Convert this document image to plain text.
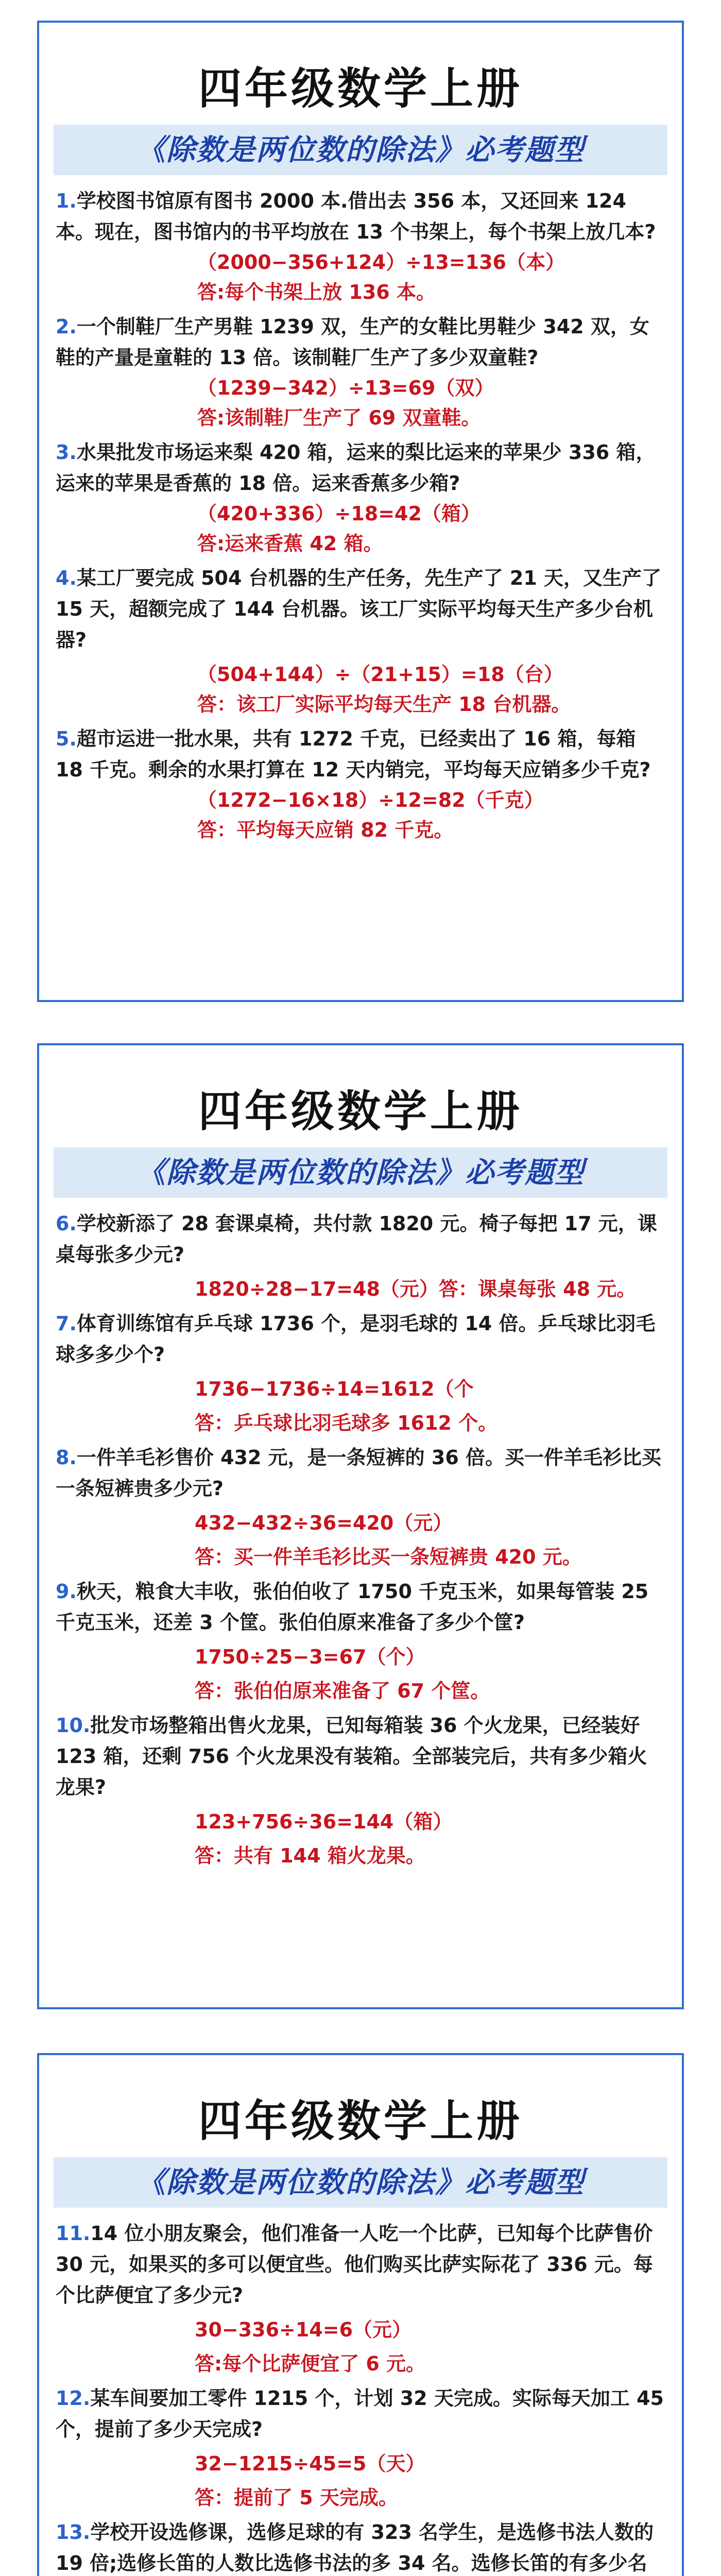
四年级数学上册
《除数是两位数的除法》必考题型
1.学校图书馆原有图书 2000 本.借出去 356 本，又还回来 124 本。现在，图书馆内的书平均放在 13 个书架上，每个书架上放几本?
（2000−356+124）÷13=136（本）
答:每个书架上放 136 本。
2.一个制鞋厂生产男鞋 1239 双，生产的女鞋比男鞋少 342 双，女鞋的产量是童鞋的 13 倍。该制鞋厂生产了多少双童鞋?
（1239−342）÷13=69（双）
答:该制鞋厂生产了 69 双童鞋。
3.水果批发市场运来梨 420 箱，运来的梨比运来的苹果少 336 箱，运来的苹果是香蕉的 18 倍。运来香蕉多少箱?
（420+336）÷18=42（箱）
答:运来香蕉 42 箱。
4.某工厂要完成 504 台机器的生产任务，先生产了 21 天，又生产了 15 天，超额完成了 144 台机器。该工厂实际平均每天生产多少台机器?
（504+144）÷（21+15）=18（台）
答：该工厂实际平均每天生产 18 台机器。
5.超市运进一批水果，共有 1272 千克，已经卖出了 16 箱，每箱 18 千克。剩余的水果打算在 12 天内销完，平均每天应销多少千克?
（1272−16×18）÷12=82（千克）
答：平均每天应销 82 千克。
四年级数学上册
《除数是两位数的除法》必考题型
6.学校新添了 28 套课桌椅，共付款 1820 元。椅子每把 17 元，课桌每张多少元?
1820÷28−17=48（元）答：课桌每张 48 元。
7.体育训练馆有乒乓球 1736 个，是羽毛球的 14 倍。乒乓球比羽毛球多多少个?
1736−1736÷14=1612（个
答：乒乓球比羽毛球多 1612 个。
8.一件羊毛衫售价 432 元，是一条短裤的 36 倍。买一件羊毛衫比买一条短裤贵多少元?
432−432÷36=420（元）
答：买一件羊毛衫比买一条短裤贵 420 元。
9.秋天，粮食大丰收，张伯伯收了 1750 千克玉米，如果每管装 25 千克玉米，还差 3 个筐。张伯伯原来准备了多少个筐?
1750÷25−3=67（个）
答：张伯伯原来准备了 67 个筐。
10.批发市场整箱出售火龙果，已知每箱装 36 个火龙果，已经装好 123 箱，还剩 756 个火龙果没有装箱。全部装完后，共有多少箱火龙果?
123+756÷36=144（箱）
答：共有 144 箱火龙果。
四年级数学上册
《除数是两位数的除法》必考题型
11.14 位小朋友聚会，他们准备一人吃一个比萨，已知每个比萨售价 30 元，如果买的多可以便宜些。他们购买比萨实际花了 336 元。每个比萨便宜了多少元?
30−336÷14=6（元）
答:每个比萨便宜了 6 元。
12.某车间要加工零件 1215 个，计划 32 天完成。实际每天加工 45 个，提前了多少天完成?
32−1215÷45=5（天）
答：提前了 5 天完成。
13.学校开设选修课，选修足球的有 323 名学生，是选修书法人数的 19 倍;选修长笛的人数比选修书法的多 34 名。选修长笛的有多少名
